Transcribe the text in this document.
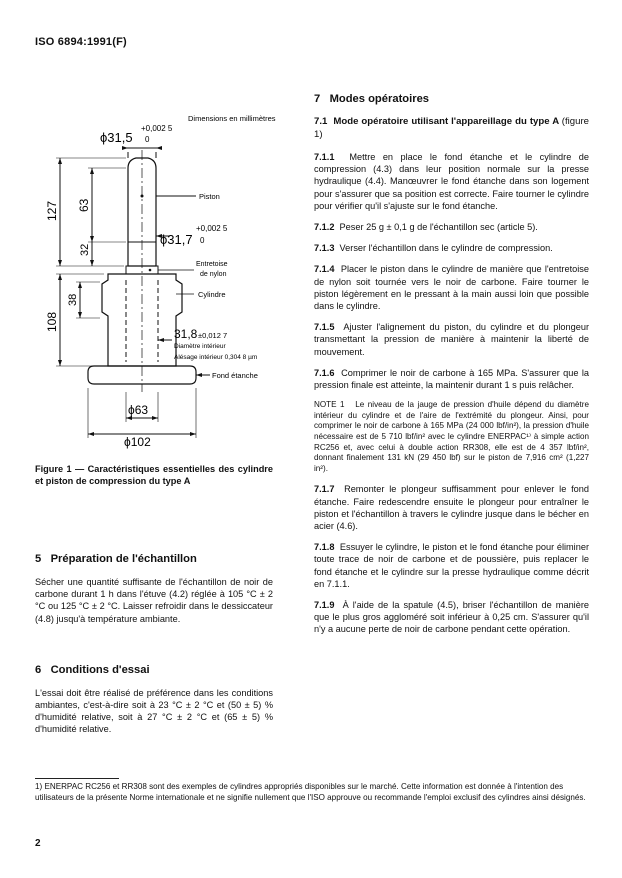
ISO 6894:1991(F)
Dimensions en millimètres
ϕ31,5
+0,002 5
0
127 63
32
38
108
ϕ31,7
+0,002 5
0
31,8 ±0,012 7
Diamètre intérieur
Alésage intérieur 0,304 8 µm
Piston
Entretoise
de nylon
Cylindre
Fond étanche
ϕ63
ϕ102

Figure 1 — Caractéristiques essentielles des cylindre et piston de compression du type A

5 Préparation de l'échantillon

Sécher une quantité suffisante de l'échantillon de noir de carbone durant 1 h dans l'étuve (4.2) réglée à 105 °C ± 2 °C ou 125 °C ± 2 °C. Laisser refroidir dans le dessiccateur (4.8) jusqu'à température ambiante.

6 Conditions d'essai

L'essai doit être réalisé de préférence dans les conditions ambiantes, c'est-à-dire soit à 23 °C ± 2 °C et (50 ± 5) % d'humidité relative, soit à 27 °C ± 2 °C et (65 ± 5) % d'humidité relative.

7 Modes opératoires

7.1 Mode opératoire utilisant l'appareillage du type A (figure 1)

7.1.1 Mettre en place le fond étanche et le cylindre de compression (4.3) dans leur position normale sur la presse hydraulique (4.4). Manœuvrer le fond étanche dans son logement pour s'assurer que sa position est correcte. Faire tourner le cylindre pour vérifier qu'il s'ajuste sur le fond étanche.

7.1.2 Peser 25 g ± 0,1 g de l'échantillon sec (article 5).

7.1.3 Verser l'échantillon dans le cylindre de compression.

7.1.4 Placer le piston dans le cylindre de manière que l'entretoise de nylon soit tournée vers le noir de carbone. Faire tourner le piston légèrement en le pressant à la main aussi loin que possible dans le cylindre.

7.1.5 Ajuster l'alignement du piston, du cylindre et du plongeur transmettant la pression de manière à maintenir la liberté de mouvement.

7.1.6 Comprimer le noir de carbone à 165 MPa. S'assurer que la pression finale est atteinte, la maintenir durant 1 s puis relâcher.

NOTE 1 Le niveau de la jauge de pression d'huile dépend du diamètre intérieur du cylindre et de l'aire de l'extrémité du plongeur. Ainsi, pour comprimer le noir de carbone à 165 MPa (24 000 lbf/in²), la pression d'huile nécessaire est de 5 710 lbf/in² avec le cylindre ENERPAC¹⁾ à simple action RC256 et, avec celui à double action RR308, elle est de 4 357 lbf/in², donnant finalement 131 kN (29 450 lbf) sur le piston de 7,916 cm² (1,227 in²).

7.1.7 Remonter le plongeur suffisamment pour enlever le fond étanche. Faire redescendre ensuite le plongeur pour entraîner le piston et l'échantillon à travers le cylindre jusque dans le bécher en acier (4.6).

7.1.8 Essuyer le cylindre, le piston et le fond étanche pour éliminer toute trace de noir de carbone et de poussière, puis replacer le fond étanche et le cylindre sur la presse hydraulique comme décrit en 7.1.1.

7.1.9 À l'aide de la spatule (4.5), briser l'échantillon de manière que le plus gros aggloméré soit inférieur à 0,25 cm. S'assurer qu'il n'y a aucune perte de noir de carbone pendant cette opération.

1) ENERPAC RC256 et RR308 sont des exemples de cylindres appropriés disponibles sur le marché. Cette information est donnée à l'intention des utilisateurs de la présente Norme internationale et ne signifie nullement que l'ISO approuve ou recommande l'emploi exclusif des cylindres ainsi désignés.
2
